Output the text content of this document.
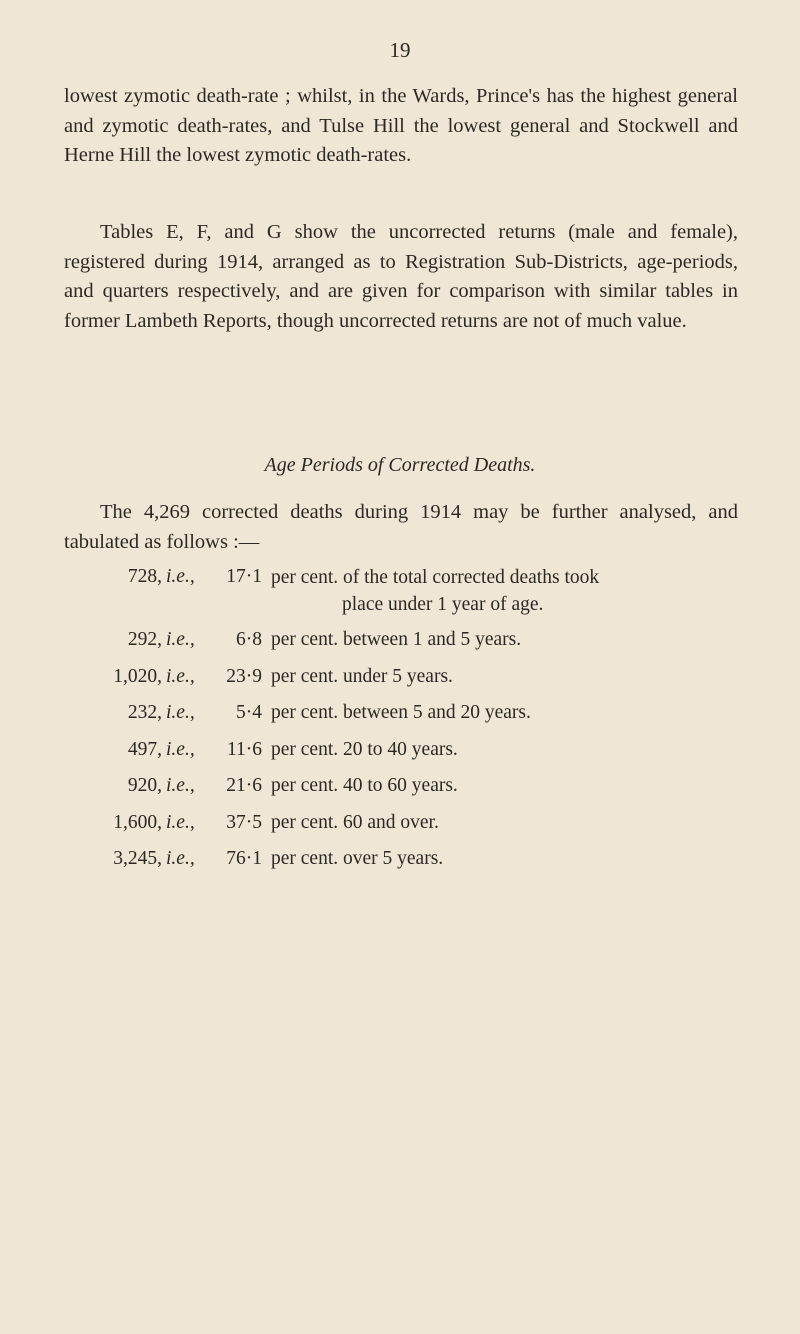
19

lowest zymotic death-rate ; whilst, in the Wards, Prince's has the highest general and zymotic death-rates, and Tulse Hill the lowest general and Stockwell and Herne Hill the lowest zymotic death-rates.

Tables E, F, and G show the uncorrected returns (male and female), registered during 1914, arranged as to Registration Sub-Districts, age-periods, and quarters respectively, and are given for comparison with similar tables in former Lambeth Reports, though uncorrected returns are not of much value.

Age Periods of Corrected Deaths.

The 4,269 corrected deaths during 1914 may be further analysed, and tabulated as follows :—

728, i.e., 17·1 per cent. of the total corrected deaths took
place under 1 year of age.
292, i.e., 6·8 per cent. between 1 and 5 years.
1,020, i.e., 23·9 per cent. under 5 years.
232, i.e., 5·4 per cent. between 5 and 20 years.
497, i.e., 11·6 per cent. 20 to 40 years.
920, i.e., 21·6 per cent. 40 to 60 years.
1,600, i.e., 37·5 per cent. 60 and over.
3,245, i.e., 76·1 per cent. over 5 years.
